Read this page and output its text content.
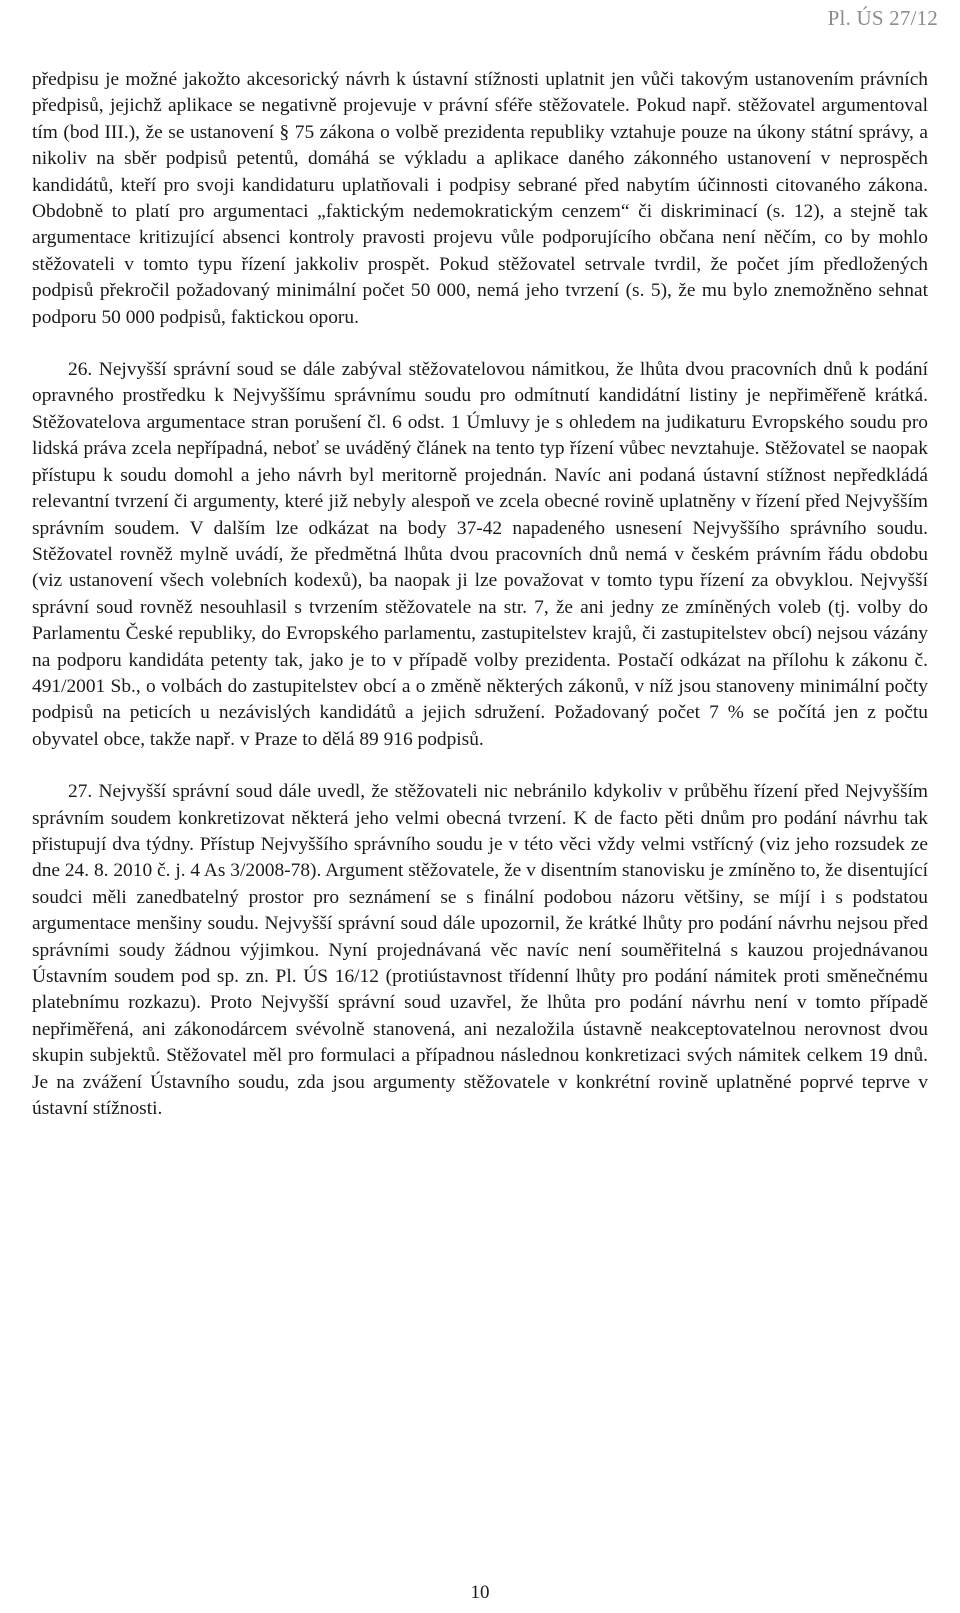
Pl. ÚS 27/12

předpisu je možné jakožto akcesorický návrh k ústavní stížnosti uplatnit jen vůči takovým ustanovením právních předpisů, jejichž aplikace se negativně projevuje v právní sféře stěžovatele. Pokud např. stěžovatel argumentoval tím (bod III.), že se ustanovení § 75 zákona o volbě prezidenta republiky vztahuje pouze na úkony státní správy, a nikoliv na sběr podpisů petentů, domáhá se výkladu a aplikace daného zákonného ustanovení v neprospěch kandidátů, kteří pro svoji kandidaturu uplatňovali i podpisy sebrané před nabytím účinnosti citovaného zákona. Obdobně to platí pro argumentaci „faktickým nedemokratickým cenzem“ či diskriminací (s. 12), a stejně tak argumentace kritizující absenci kontroly pravosti projevu vůle podporujícího občana není něčím, co by mohlo stěžovateli v tomto typu řízení jakkoliv prospět. Pokud stěžovatel setrvale tvrdil, že počet jím předložených podpisů překročil požadovaný minimální počet 50 000, nemá jeho tvrzení (s. 5), že mu bylo znemožněno sehnat podporu 50 000 podpisů, faktickou oporu.

26. Nejvyšší správní soud se dále zabýval stěžovatelovou námitkou, že lhůta dvou pracovních dnů k podání opravného prostředku k Nejvyššímu správnímu soudu pro odmítnutí kandidátní listiny je nepřiměřeně krátká. Stěžovatelova argumentace stran porušení čl. 6 odst. 1 Úmluvy je s ohledem na judikaturu Evropského soudu pro lidská práva zcela nepřípadná, neboť se uváděný článek na tento typ řízení vůbec nevztahuje. Stěžovatel se naopak přístupu k soudu domohl a jeho návrh byl meritorně projednán. Navíc ani podaná ústavní stížnost nepředkládá relevantní tvrzení či argumenty, které již nebyly alespoň ve zcela obecné rovině uplatněny v řízení před Nejvyšším správním soudem. V dalším lze odkázat na body 37-42 napadeného usnesení Nejvyššího správního soudu. Stěžovatel rovněž mylně uvádí, že předmětná lhůta dvou pracovních dnů nemá v českém právním řádu obdobu (viz ustanovení všech volebních kodexů), ba naopak ji lze považovat v tomto typu řízení za obvyklou. Nejvyšší správní soud rovněž nesouhlasil s tvrzením stěžovatele na str. 7, že ani jedny ze zmíněných voleb (tj. volby do Parlamentu České republiky, do Evropského parlamentu, zastupitelstev krajů, či zastupitelstev obcí) nejsou vázány na podporu kandidáta petenty tak, jako je to v případě volby prezidenta. Postačí odkázat na přílohu k zákonu č. 491/2001 Sb., o volbách do zastupitelstev obcí a o změně některých zákonů, v níž jsou stanoveny minimální počty podpisů na peticích u nezávislých kandidátů a jejich sdružení. Požadovaný počet 7 % se počítá jen z počtu obyvatel obce, takže např. v Praze to dělá 89 916 podpisů.

27. Nejvyšší správní soud dále uvedl, že stěžovateli nic nebránilo kdykoliv v průběhu řízení před Nejvyšším správním soudem konkretizovat některá jeho velmi obecná tvrzení. K de facto pěti dnům pro podání návrhu tak přistupují dva týdny. Přístup Nejvyššího správního soudu je v této věci vždy velmi vstřícný (viz jeho rozsudek ze dne 24. 8. 2010 č. j. 4 As 3/2008-78). Argument stěžovatele, že v disentním stanovisku je zmíněno to, že disentující soudci měli zanedbatelný prostor pro seznámení se s finální podobou názoru většiny, se míjí i s podstatou argumentace menšiny soudu. Nejvyšší správní soud dále upozornil, že krátké lhůty pro podání návrhu nejsou před správními soudy žádnou výjimkou. Nyní projednávaná věc navíc není souměřitelná s kauzou projednávanou Ústavním soudem pod sp. zn. Pl. ÚS 16/12 (protiústavnost třídenní lhůty pro podání námitek proti směnečnému platebnímu rozkazu). Proto Nejvyšší správní soud uzavřel, že lhůta pro podání návrhu není v tomto případě nepřiměřená, ani zákonodárcem svévolně stanovená, ani nezaložila ústavně neakceptovatelnou nerovnost dvou skupin subjektů. Stěžovatel měl pro formulaci a případnou následnou konkretizaci svých námitek celkem 19 dnů. Je na zvážení Ústavního soudu, zda jsou argumenty stěžovatele v konkrétní rovině uplatněné poprvé teprve v ústavní stížnosti.

10
